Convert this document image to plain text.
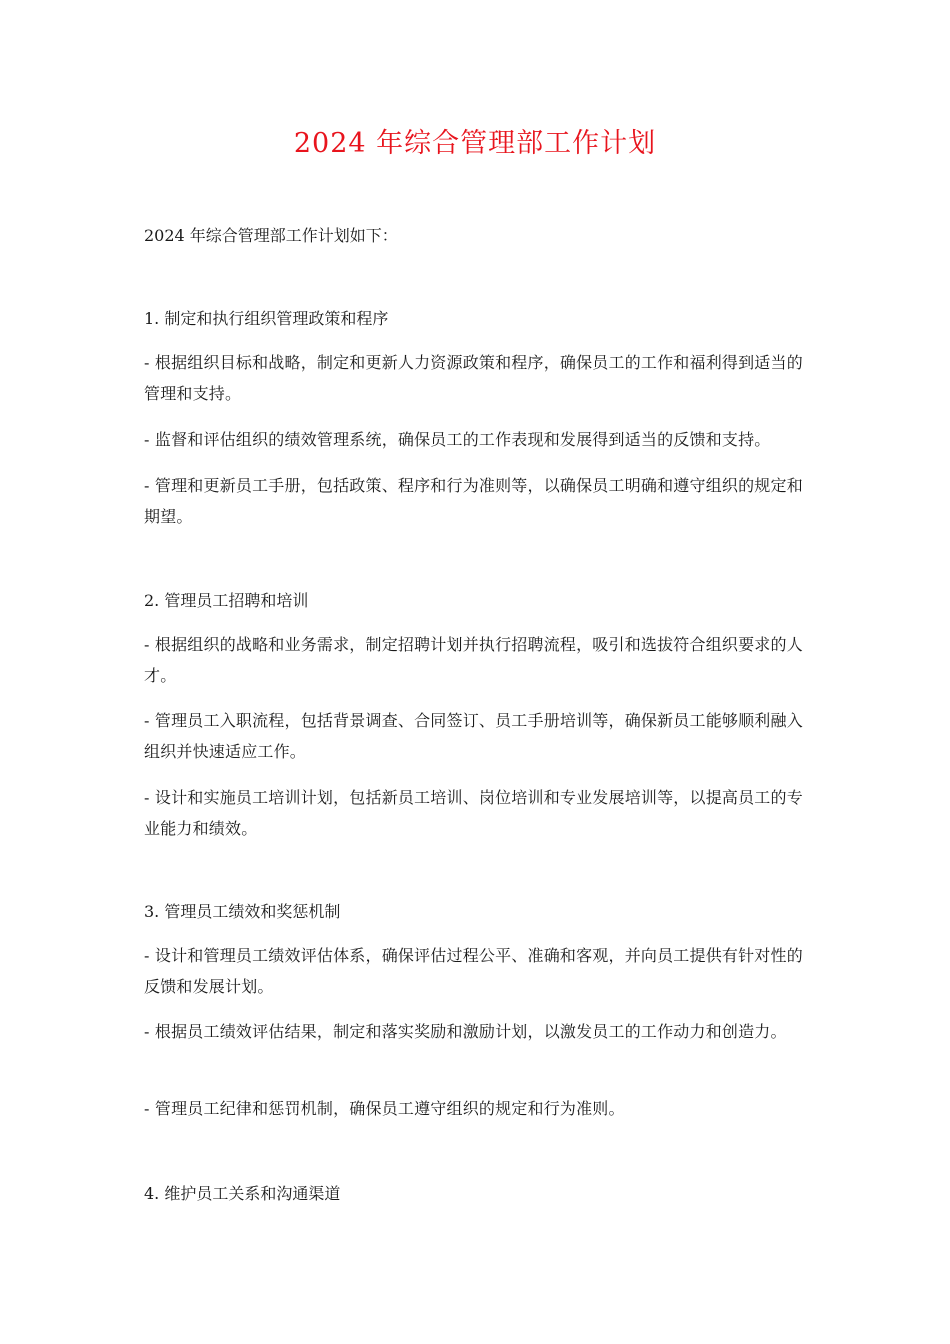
2024 年综合管理部工作计划
2024 年综合管理部工作计划如下：
1. 制定和执行组织管理政策和程序
- 根据组织目标和战略，制定和更新人力资源政策和程序，确保员工的工作和福利得到适当的管理和支持。
- 监督和评估组织的绩效管理系统，确保员工的工作表现和发展得到适当的反馈和支持。
- 管理和更新员工手册，包括政策、程序和行为准则等，以确保员工明确和遵守组织的规定和期望。
2. 管理员工招聘和培训
- 根据组织的战略和业务需求，制定招聘计划并执行招聘流程，吸引和选拔符合组织要求的人才。
- 管理员工入职流程，包括背景调查、合同签订、员工手册培训等，确保新员工能够顺利融入组织并快速适应工作。
- 设计和实施员工培训计划，包括新员工培训、岗位培训和专业发展培训等，以提高员工的专业能力和绩效。
3. 管理员工绩效和奖惩机制
- 设计和管理员工绩效评估体系，确保评估过程公平、准确和客观，并向员工提供有针对性的反馈和发展计划。
- 根据员工绩效评估结果，制定和落实奖励和激励计划，以激发员工的工作动力和创造力。
- 管理员工纪律和惩罚机制，确保员工遵守组织的规定和行为准则。
4. 维护员工关系和沟通渠道
